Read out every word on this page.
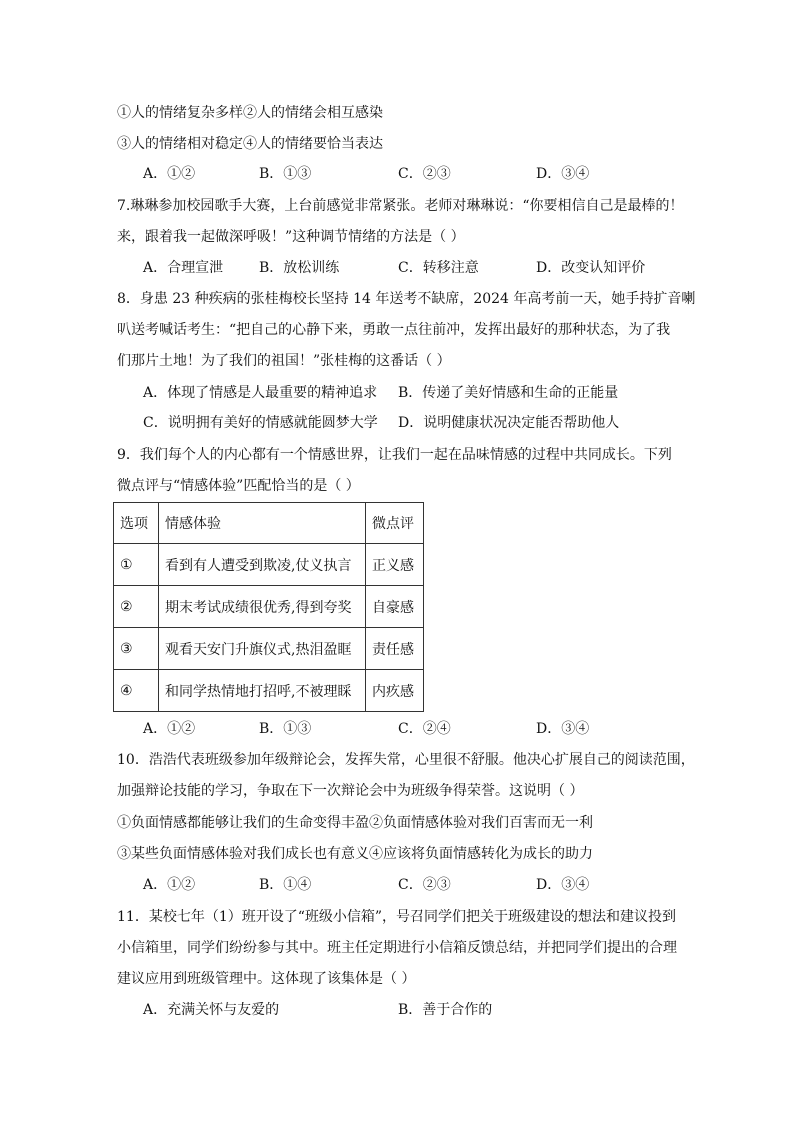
①人的情绪复杂多样②人的情绪会相互感染
③人的情绪相对稳定④人的情绪要恰当表达
A．①②	B．①③	C．②③	D．③④
7.琳琳参加校园歌手大赛，上台前感觉非常紧张。老师对琳琳说：“你要相信自己是最棒的！
来，跟着我一起做深呼吸！”这种调节情绪的方法是（ ）
A．合理宣泄	B．放松训练	C．转移注意	D．改变认知评价
8．身患 23 种疾病的张桂梅校长坚持 14 年送考不缺席，2024 年高考前一天，她手持扩音喇
叭送考喊话考生：“把自己的心静下来，勇敢一点往前冲，发挥出最好的那种状态，为了我
们那片土地！为了我们的祖国！”张桂梅的这番话（ ）
A．体现了情感是人最重要的精神追求 B．传递了美好情感和生命的正能量
C．说明拥有美好的情感就能圆梦大学 D．说明健康状况决定能否帮助他人
9．我们每个人的内心都有一个情感世界，让我们一起在品味情感的过程中共同成长。下列
微点评与“情感体验”匹配恰当的是（ ）
选项	情感体验	微点评
①	看到有人遭受到欺凌,仗义执言	正义感
②	期末考试成绩很优秀,得到夸奖	自豪感
③	观看天安门升旗仪式,热泪盈眶	责任感
④	和同学热情地打招呼,不被理睬	内疚感
A．①②	B．①③	C．②④	D．③④
10．浩浩代表班级参加年级辩论会，发挥失常，心里很不舒服。他决心扩展自己的阅读范围，
加强辩论技能的学习，争取在下一次辩论会中为班级争得荣誉。这说明（ ）
①负面情感都能够让我们的生命变得丰盈②负面情感体验对我们百害而无一利
③某些负面情感体验对我们成长也有意义④应该将负面情感转化为成长的助力
A．①②	B．①④	C．②③	D．③④
11．某校七年（1）班开设了“班级小信箱”，号召同学们把关于班级建设的想法和建议投到
小信箱里，同学们纷纷参与其中。班主任定期进行小信箱反馈总结，并把同学们提出的合理
建议应用到班级管理中。这体现了该集体是（ ）
A．充满关怀与友爱的	B．善于合作的
